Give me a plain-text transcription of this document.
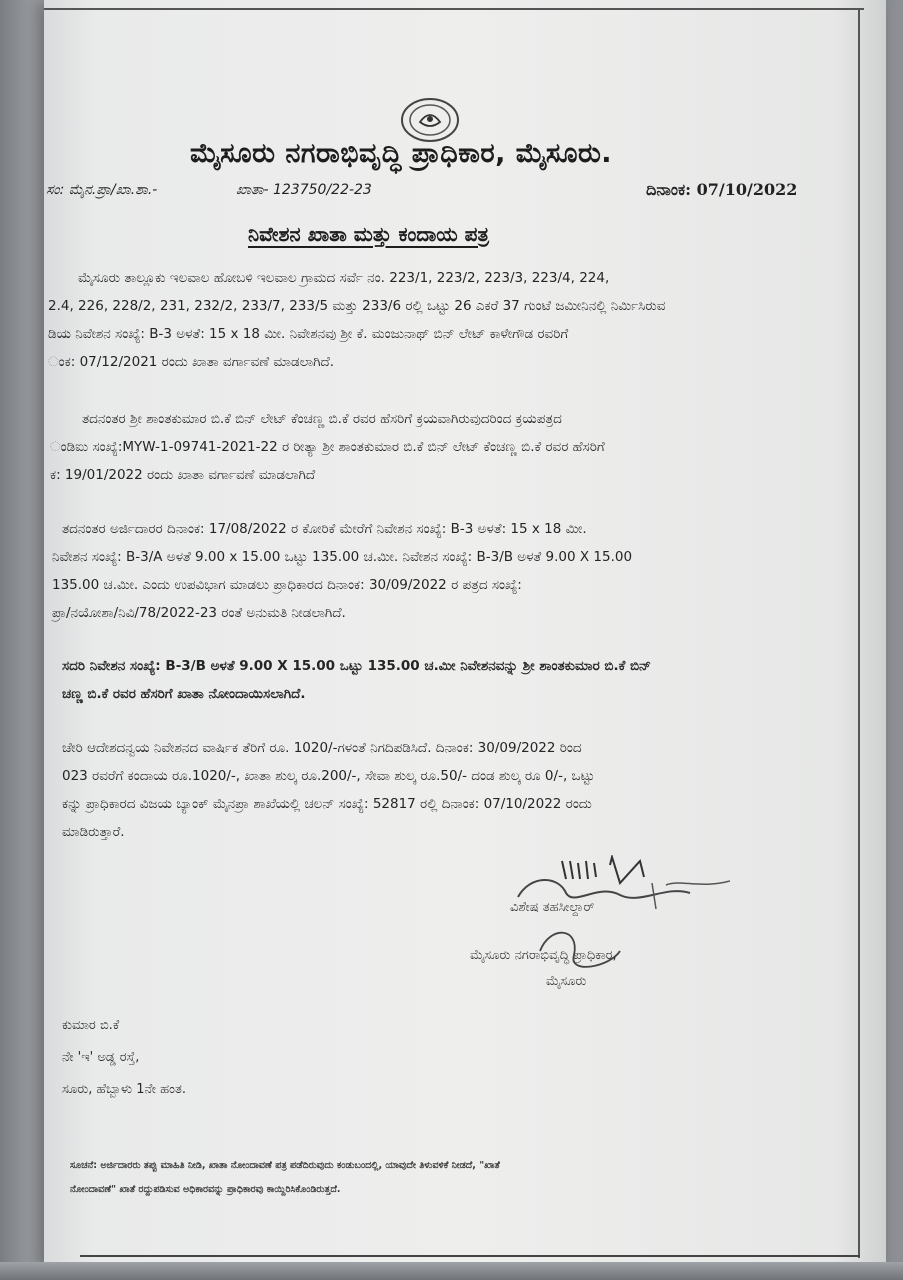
ಮೈಸೂರು ನಗರಾಭಿವೃದ್ಧಿ ಪ್ರಾಧಿಕಾರ, ಮೈಸೂರು.
ಸಂ: ಮೈನ.ಪ್ರಾ/ಖಾ.ಶಾ.-	ಖಾತಾ- 123750/22-23	ದಿನಾಂಕ: 07/10/2022
ನಿವೇಶನ ಖಾತಾ ಮತ್ತು ಕಂದಾಯ ಪತ್ರ
ಮೈಸೂರು ತಾಲ್ಲೂಕು ಇಲವಾಲ ಹೋಬಳಿ ಇಲವಾಲ ಗ್ರಾಮದ ಸರ್ವೆ ನಂ. 223/1, 223/2, 223/3, 223/4, 224,
2.4, 226, 228/2, 231, 232/2, 233/7, 233/5 ಮತ್ತು 233/6 ರಲ್ಲಿ ಒಟ್ಟು 26 ಎಕರೆ 37 ಗುಂಟೆ ಜಮೀನಿನಲ್ಲಿ ನಿರ್ಮಿಸಿರುವ
ಡಿಯ ನಿವೇಶನ ಸಂಖ್ಯೆ: B-3 ಅಳತೆ: 15 x 18 ಮೀ. ನಿವೇಶನವು ಶ್ರೀ ಕೆ. ಮಂಜುನಾಥ್ ಬಿನ್ ಲೇಟ್ ಕಾಳೇಗೌಡ ರವರಿಗೆ
ಂಕ: 07/12/2021 ರಂದು ಖಾತಾ ವರ್ಗಾವಣೆ ಮಾಡಲಾಗಿದೆ.
ತದನಂತರ ಶ್ರೀ ಶಾಂತಕುಮಾರ ಬಿ.ಕೆ ಬಿನ್ ಲೇಟ್ ಕೆಂಚಣ್ಣ ಬಿ.ಕೆ ರವರ ಹೆಸರಿಗೆ ಕ್ರಯವಾಗಿರುವುದರಿಂದ ಕ್ರಯಪತ್ರದ
ಂಡಿಐು ಸಂಖ್ಯೆ:MYW-1-09741-2021-22 ರ ರೀತ್ಯಾ ಶ್ರೀ ಶಾಂತಕುಮಾರ ಬಿ.ಕೆ ಬಿನ್ ಲೇಟ್ ಕೆಂಚಣ್ಣ ಬಿ.ಕೆ ರವರ ಹೆಸರಿಗೆ
ಕ: 19/01/2022 ರಂದು ಖಾತಾ ವರ್ಗಾವಣೆ ಮಾಡಲಾಗಿದೆ
ತದನಂತರ ಅರ್ಜಿದಾರರ ದಿನಾಂಕ: 17/08/2022 ರ ಕೋರಿಕೆ ಮೇರೆಗೆ ನಿವೇಶನ ಸಂಖ್ಯೆ: B-3 ಅಳತೆ: 15 x 18 ಮೀ.
ನಿವೇಶನ ಸಂಖ್ಯೆ: B-3/A ಅಳತೆ 9.00 x 15.00 ಒಟ್ಟು 135.00 ಚ.ಮೀ. ನಿವೇಶನ ಸಂಖ್ಯೆ: B-3/B ಅಳತೆ 9.00 X 15.00
135.00 ಚ.ಮೀ. ಎಂದು ಉಪವಿಭಾಗ ಮಾಡಲು ಪ್ರಾಧಿಕಾರದ ದಿನಾಂಕ: 30/09/2022 ರ ಪತ್ರದ ಸಂಖ್ಯೆ:
ಪ್ರಾ/ನಯೋಶಾ/ನಿವಿ/78/2022-23 ರಂತೆ ಅನುಮತಿ ನೀಡಲಾಗಿದೆ.
ಸದರಿ ನಿವೇಶನ ಸಂಖ್ಯೆ: B-3/B ಅಳತೆ 9.00 X 15.00 ಒಟ್ಟು 135.00 ಚ.ಮೀ ನಿವೇಶನವನ್ನು ಶ್ರೀ ಶಾಂತಕುಮಾರ ಬಿ.ಕೆ ಬಿನ್
ಚಣ್ಣ ಬಿ.ಕೆ ರವರ ಹೆಸರಿಗೆ ಖಾತಾ ನೋಂದಾಯಿಸಲಾಗಿದೆ.
ಚೇರಿ ಆದೇಶದನ್ವಯ ನಿವೇಶನದ ವಾರ್ಷಿಕ ತೆರಿಗೆ ರೂ. 1020/-ಗಳಂತೆ ನಿಗದಿಪಡಿಸಿದೆ. ದಿನಾಂಕ: 30/09/2022 ರಿಂದ
023 ರವರೆಗೆ ಕಂದಾಯ ರೂ.1020/-, ಖಾತಾ ಶುಲ್ಕ ರೂ.200/-, ಸೇವಾ ಶುಲ್ಕ ರೂ.50/- ದಂಡ ಶುಲ್ಕ ರೂ 0/-, ಒಟ್ಟು
ಕನ್ನು ಪ್ರಾಧಿಕಾರದ ವಿಜಯ ಬ್ಯಾಂಕ್ ಮೈನಪ್ರಾ ಶಾಖೆಯಲ್ಲಿ ಚಲನ್ ಸಂಖ್ಯೆ: 52817 ರಲ್ಲಿ ದಿನಾಂಕ: 07/10/2022 ರಂದು
ಮಾಡಿರುತ್ತಾರೆ.
ವಿಶೇಷ ತಹಸೀಲ್ದಾರ್
ಮೈಸೂರು ನಗರಾಭಿವೃದ್ಧಿ ಪ್ರಾಧಿಕಾರ,
ಮೈಸೂರು
ಕುಮಾರ ಬಿ.ಕೆ
ನೇ 'ಇ' ಅಡ್ಡ ರಸ್ತೆ,
ಸೂರು, ಹೆಬ್ಬಾಳು 1ನೇ ಹಂತ.
ಸೂಚನೆ: ಅರ್ಜಿದಾರರು ತಪ್ಪು ಮಾಹಿತಿ ನೀಡಿ, ಖಾತಾ ನೋಂದಾವಣೆ ಪತ್ರ ಪಡೆದಿರುವುದು ಕಂಡುಬಂದಲ್ಲಿ, ಯಾವುದೇ ತಿಳುವಳಿಕೆ ನೀಡದೆ, "ಖಾತೆ
ನೋಂದಾವಣೆ" ಖಾತೆ ರದ್ದುಪಡಿಸುವ ಅಧಿಕಾರವನ್ನು ಪ್ರಾಧಿಕಾರವು ಕಾಯ್ದಿರಿಸಿಕೊಂಡಿರುತ್ತದೆ.
